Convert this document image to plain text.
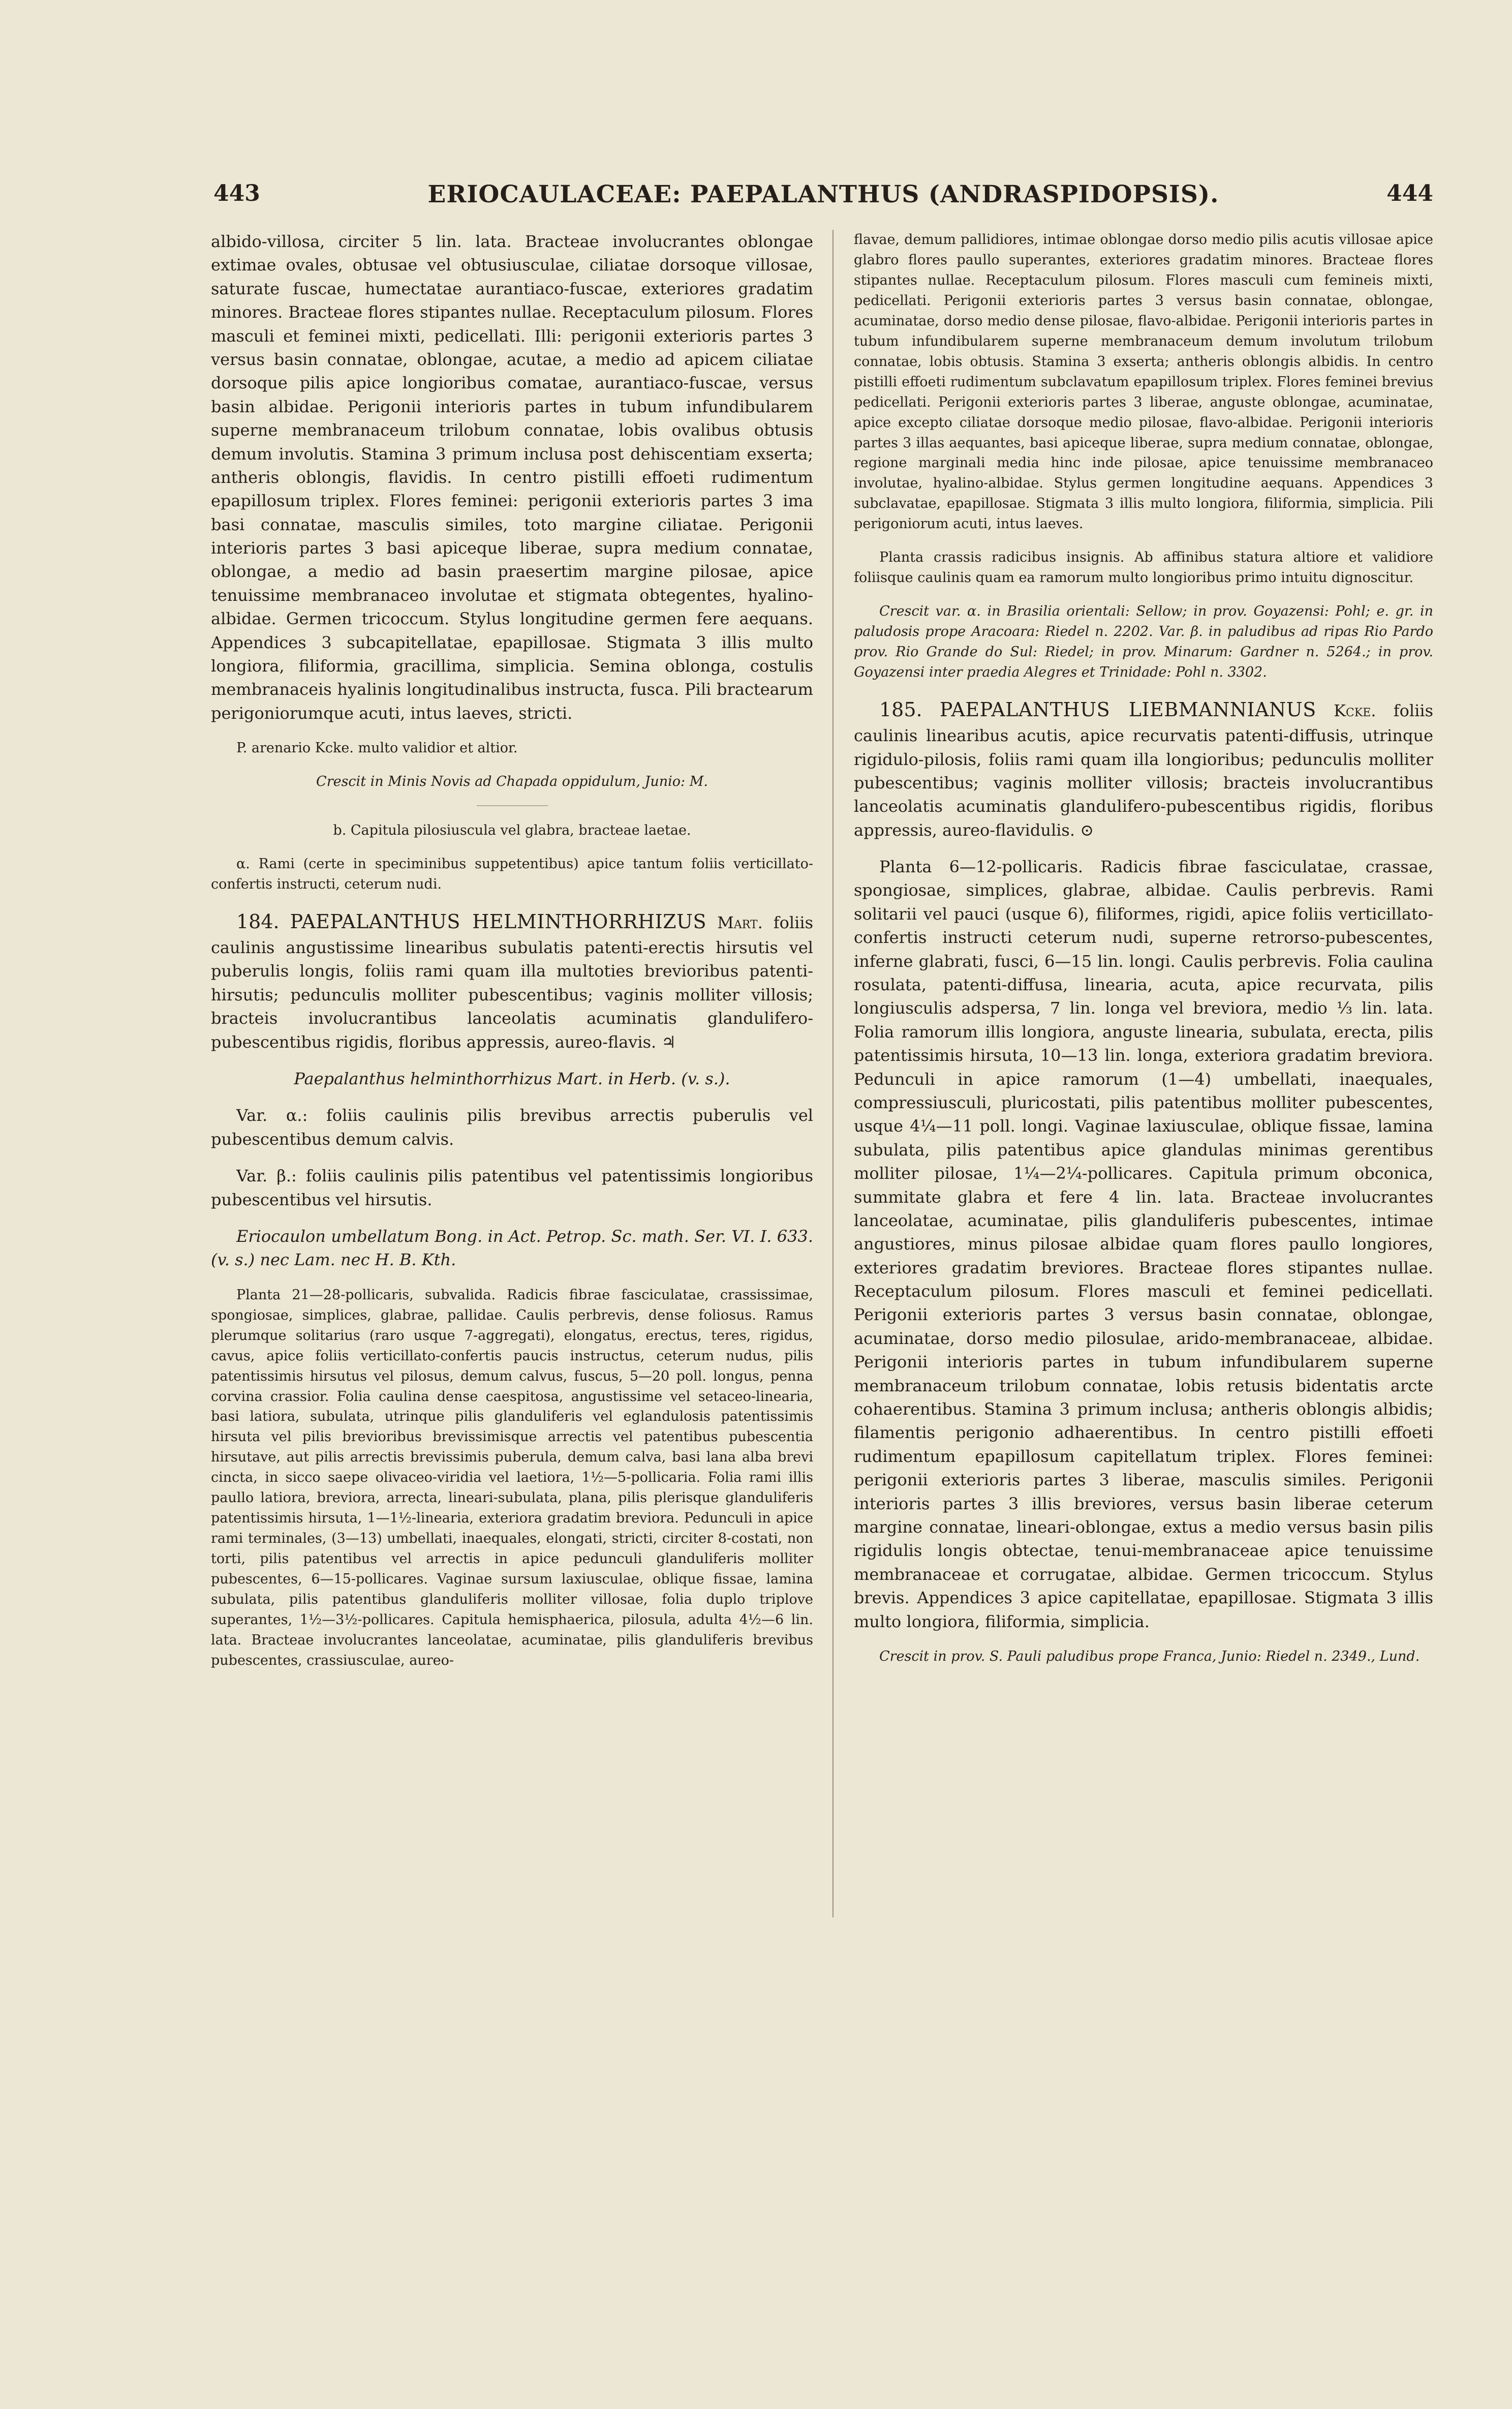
443	ERIOCAULACEAE: PAEPALANTHUS (ANDRASPIDOPSIS).	444

albido-villosa, circiter 5 lin. lata. Bracteae involucrantes oblongae extimae ovales, obtusae vel obtusiusculae, ciliatae dorsoque villosae, saturate fuscae, humectatae aurantiaco-fuscae, exteriores gradatim minores. Bracteae flores stipantes nullae. Receptaculum pilosum. Flores masculi et feminei mixti, pedicellati. Illi: perigonii exterioris partes 3 versus basin connatae, oblongae, acutae, a medio ad apicem ciliatae dorsoque pilis apice longioribus comatae, aurantiaco-fuscae, versus basin albidae. Perigonii interioris partes in tubum infundibularem superne membranaceum trilobum connatae, lobis ovalibus obtusis demum involutis. Stamina 3 primum inclusa post dehiscentiam exserta; antheris oblongis, flavidis. In centro pistilli effoeti rudimentum epapillosum triplex. Flores feminei: perigonii exterioris partes 3 ima basi connatae, masculis similes, toto margine ciliatae. Perigonii interioris partes 3 basi apiceque liberae, supra medium connatae, oblongae, a medio ad basin praesertim margine pilosae, apice tenuissime membranaceo involutae et stigmata obtegentes, hyalino-albidae. Germen tricoccum. Stylus longitudine germen fere aequans. Appendices 3 subcapitellatae, epapillosae. Stigmata 3 illis multo longiora, filiformia, gracillima, simplicia. Semina oblonga, costulis membranaceis hyalinis longitudinalibus instructa, fusca. Pili bractearum perigoniorumque acuti, intus laeves, stricti.

P. arenario Kcke. multo validior et altior.

Crescit in Minis Novis ad Chapada oppidulum, Junio: M.

b. Capitula pilosiuscula vel glabra, bracteae laetae.

α. Rami (certe in speciminibus suppetentibus) apice tantum foliis verticillato-confertis instructi, ceterum nudi.

184. PAEPALANTHUS HELMINTHORRHIZUS Mart. foliis caulinis angustissime linearibus subulatis patenti-erectis hirsutis vel puberulis longis, foliis rami quam illa multoties brevioribus patenti-hirsutis; pedunculis molliter pubescentibus; vaginis molliter villosis; bracteis involucrantibus lanceolatis acuminatis glandulifero-pubescentibus rigidis, floribus appressis, aureo-flavis. ♃

Paepalanthus helminthorrhizus Mart. in Herb. (v. s.).

Var. α.: foliis caulinis pilis brevibus arrectis puberulis vel pubescentibus demum calvis.

Var. β.: foliis caulinis pilis patentibus vel patentissimis longioribus pubescentibus vel hirsutis.

Eriocaulon umbellatum Bong. in Act. Petrop. Sc. math. Ser. VI. I. 633. (v. s.) nec Lam. nec H. B. Kth.

Planta 21—28-pollicaris, subvalida. Radicis fibrae fasciculatae, crassissimae, spongiosae, simplices, glabrae, pallidae. Caulis perbrevis, dense foliosus. Ramus plerumque solitarius (raro usque 7-aggregati), elongatus, erectus, teres, rigidus, cavus, apice foliis verticillato-confertis paucis instructus, ceterum nudus, pilis patentissimis hirsutus vel pilosus, demum calvus, fuscus, 5—20 poll. longus, penna corvina crassior. Folia caulina dense caespitosa, angustissime vel setaceo-linearia, basi latiora, subulata, utrinque pilis glanduliferis vel eglandulosis patentissimis hirsuta vel pilis brevioribus brevissimisque arrectis vel patentibus pubescentia hirsutave, aut pilis arrectis brevissimis puberula, demum calva, basi lana alba brevi cincta, in sicco saepe olivaceo-viridia vel laetiora, 1½—5-pollicaria. Folia rami illis paullo latiora, breviora, arrecta, lineari-subulata, plana, pilis plerisque glanduliferis patentissimis hirsuta, 1—1½-linearia, exteriora gradatim breviora. Pedunculi in apice rami terminales, (3—13) umbellati, inaequales, elongati, stricti, circiter 8-costati, non torti, pilis patentibus vel arrectis in apice pedunculi glanduliferis molliter pubescentes, 6—15-pollicares. Vaginae sursum laxiusculae, oblique fissae, lamina subulata, pilis patentibus glanduliferis molliter villosae, folia duplo triplove superantes, 1½—3½-pollicares. Capitula hemisphaerica, pilosula, adulta 4½—6 lin. lata. Bracteae involucrantes lanceolatae, acuminatae, pilis glanduliferis brevibus pubescentes, crassiusculae, aureo-

flavae, demum pallidiores, intimae oblongae dorso medio pilis acutis villosae apice glabro flores paullo superantes, exteriores gradatim minores. Bracteae flores stipantes nullae. Receptaculum pilosum. Flores masculi cum femineis mixti, pedicellati. Perigonii exterioris partes 3 versus basin connatae, oblongae, acuminatae, dorso medio dense pilosae, flavo-albidae. Perigonii interioris partes in tubum infundibularem superne membranaceum demum involutum trilobum connatae, lobis obtusis. Stamina 3 exserta; antheris oblongis albidis. In centro pistilli effoeti rudimentum subclavatum epapillosum triplex. Flores feminei brevius pedicellati. Perigonii exterioris partes 3 liberae, anguste oblongae, acuminatae, apice excepto ciliatae dorsoque medio pilosae, flavo-albidae. Perigonii interioris partes 3 illas aequantes, basi apiceque liberae, supra medium connatae, oblongae, regione marginali media hinc inde pilosae, apice tenuissime membranaceo involutae, hyalino-albidae. Stylus germen longitudine aequans. Appendices 3 subclavatae, epapillosae. Stigmata 3 illis multo longiora, filiformia, simplicia. Pili perigoniorum acuti, intus laeves.

Planta crassis radicibus insignis. Ab affinibus statura altiore et validiore foliisque caulinis quam ea ramorum multo longioribus primo intuitu dignoscitur.

Crescit var. α. in Brasilia orientali: Sellow; in prov. Goyazensi: Pohl; e. gr. in paludosis prope Aracoara: Riedel n. 2202. Var. β. in paludibus ad ripas Rio Pardo prov. Rio Grande do Sul: Riedel; in prov. Minarum: Gardner n. 5264.; in prov. Goyazensi inter praedia Alegres et Trinidade: Pohl n. 3302.

185. PAEPALANTHUS LIEBMANNIANUS Kcke. foliis caulinis linearibus acutis, apice recurvatis patenti-diffusis, utrinque rigidulo-pilosis, foliis rami quam illa longioribus; pedunculis molliter pubescentibus; vaginis molliter villosis; bracteis involucrantibus lanceolatis acuminatis glandulifero-pubescentibus rigidis, floribus appressis, aureo-flavidulis. ⊙

Planta 6—12-pollicaris. Radicis fibrae fasciculatae, crassae, spongiosae, simplices, glabrae, albidae. Caulis perbrevis. Rami solitarii vel pauci (usque 6), filiformes, rigidi, apice foliis verticillato-confertis instructi ceterum nudi, superne retrorso-pubescentes, inferne glabrati, fusci, 6—15 lin. longi. Caulis perbrevis. Folia caulina rosulata, patenti-diffusa, linearia, acuta, apice recurvata, pilis longiusculis adspersa, 7 lin. longa vel breviora, medio ⅓ lin. lata. Folia ramorum illis longiora, anguste linearia, subulata, erecta, pilis patentissimis hirsuta, 10—13 lin. longa, exteriora gradatim breviora. Pedunculi in apice ramorum (1—4) umbellati, inaequales, compressiusculi, pluricostati, pilis patentibus molliter pubescentes, usque 4¼—11 poll. longi. Vaginae laxiusculae, oblique fissae, lamina subulata, pilis patentibus apice glandulas minimas gerentibus molliter pilosae, 1¼—2¼-pollicares. Capitula primum obconica, summitate glabra et fere 4 lin. lata. Bracteae involucrantes lanceolatae, acuminatae, pilis glanduliferis pubescentes, intimae angustiores, minus pilosae albidae quam flores paullo longiores, exteriores gradatim breviores. Bracteae flores stipantes nullae. Receptaculum pilosum. Flores masculi et feminei pedicellati. Perigonii exterioris partes 3 versus basin connatae, oblongae, acuminatae, dorso medio pilosulae, arido-membranaceae, albidae. Perigonii interioris partes in tubum infundibularem superne membranaceum trilobum connatae, lobis retusis bidentatis arcte cohaerentibus. Stamina 3 primum inclusa; antheris oblongis albidis; filamentis perigonio adhaerentibus. In centro pistilli effoeti rudimentum epapillosum capitellatum triplex. Flores feminei: perigonii exterioris partes 3 liberae, masculis similes. Perigonii interioris partes 3 illis breviores, versus basin liberae ceterum margine connatae, lineari-oblongae, extus a medio versus basin pilis rigidulis longis obtectae, tenui-membranaceae apice tenuissime membranaceae et corrugatae, albidae. Germen tricoccum. Stylus brevis. Appendices 3 apice capitellatae, epapillosae. Stigmata 3 illis multo longiora, filiformia, simplicia.

Crescit in prov. S. Pauli paludibus prope Franca, Junio: Riedel n. 2349., Lund.
